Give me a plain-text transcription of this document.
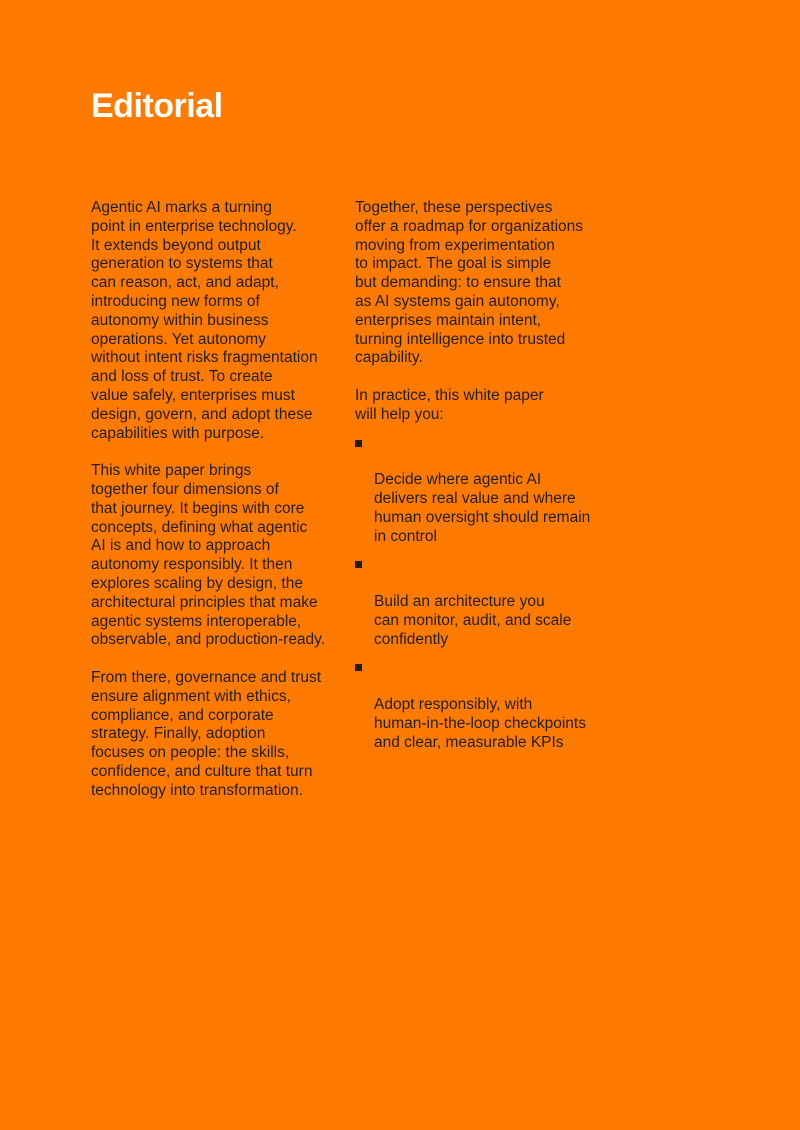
Editorial

Agentic AI marks a turning
point in enterprise technology.
It extends beyond output
generation to systems that
can reason, act, and adapt,
introducing new forms of
autonomy within business
operations. Yet autonomy
without intent risks fragmentation
and loss of trust. To create
value safely, enterprises must
design, govern, and adopt these
capabilities with purpose.

This white paper brings
together four dimensions of
that journey. It begins with core
concepts, defining what agentic
AI is and how to approach
autonomy responsibly. It then
explores scaling by design, the
architectural principles that make
agentic systems interoperable,
observable, and production-ready.

From there, governance and trust
ensure alignment with ethics,
compliance, and corporate
strategy. Finally, adoption
focuses on people: the skills,
confidence, and culture that turn
technology into transformation.

Together, these perspectives
offer a roadmap for organizations
moving from experimentation
to impact. The goal is simple
but demanding: to ensure that
as AI systems gain autonomy,
enterprises maintain intent,
turning intelligence into trusted
capability.

In practice, this white paper
will help you:

Decide where agentic AI
delivers real value and where
human oversight should remain
in control

Build an architecture you
can monitor, audit, and scale
confidently

Adopt responsibly, with
human-in-the-loop checkpoints
and clear, measurable KPIs
